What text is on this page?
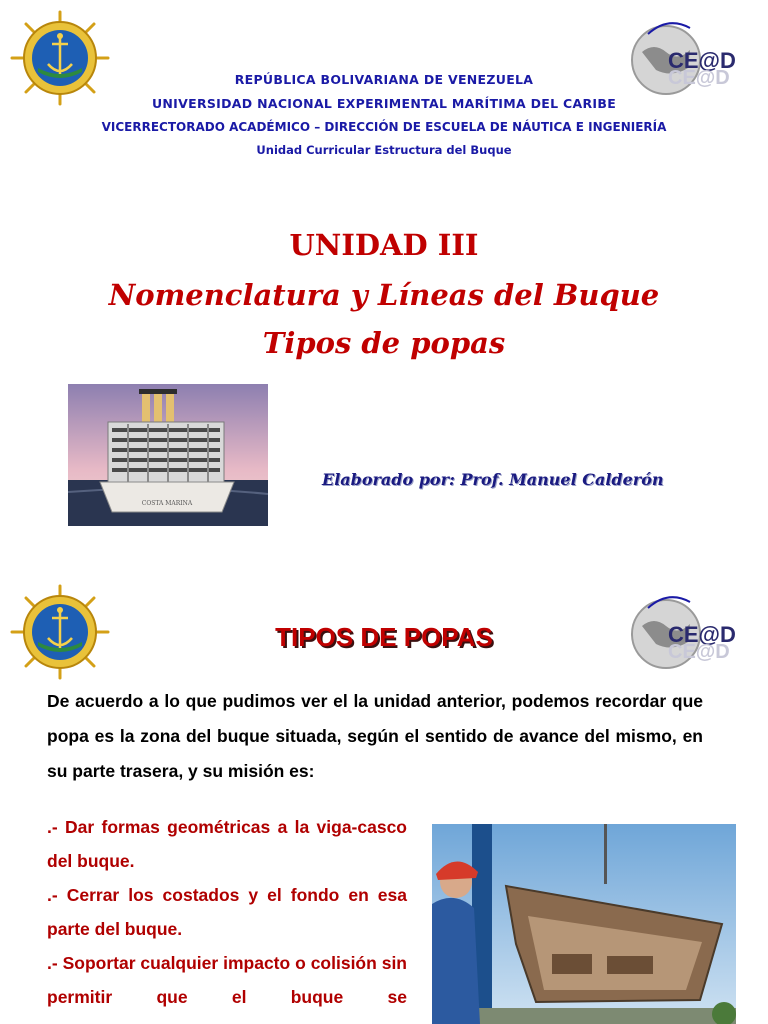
CE@D
CE@D
REPÚBLICA BOLIVARIANA DE VENEZUELA
UNIVERSIDAD NACIONAL EXPERIMENTAL MARÍTIMA DEL CARIBE
VICERRECTORADO ACADÉMICO – DIRECCIÓN DE ESCUELA DE NÁUTICA E INGENIERÍA
Unidad Curricular Estructura del Buque
UNIDAD III
Nomenclatura y Líneas del Buque
Tipos de popas
COSTA MARINA
Elaborado por: Prof. Manuel Calderón
CE@D
CE@D
TIPOS DE POPAS
De acuerdo a lo que pudimos ver el la unidad anterior, podemos recordar que popa es la zona del buque situada, según el sentido de avance del mismo, en su parte trasera, y su misión es:

.- Dar formas geométricas a la viga-casco del buque.

.- Cerrar los costados y el fondo en esa parte del buque.

.- Soportar cualquier impacto o colisión sin permitir que el buque se
